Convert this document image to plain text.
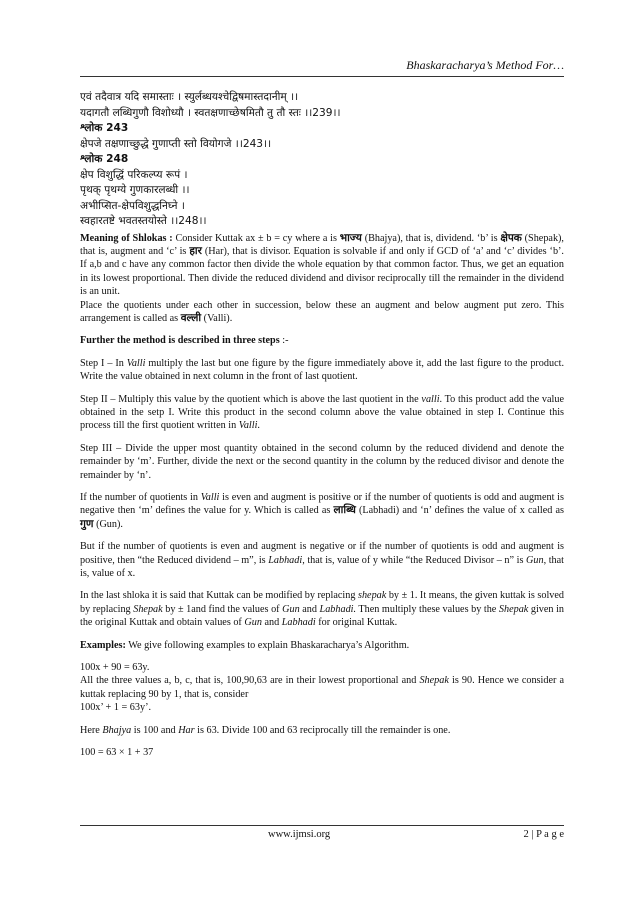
Bhaskaracharya’s Method For…
एवं तदैवात्र यदि समास्ताः । स्युर्लब्धयश्चेद्विषमास्तदानीम् ।।
यदागतौ लब्धिगुणौ विशोध्यौ । स्वतक्षणाच्छेषमितौ तु तौ स्तः ।।239।।
श्लोक 243
क्षेपजे तक्षणाच्छुद्धे गुणाप्ती स्तो वियोगजे ।।243।।
श्लोक 248
क्षेप विशुद्धिं परिकल्प्य रूपं ।
पृथक् पृथग्ये गुणकारलब्धी ।।
अभीप्सित-क्षेपविशुद्धनिघ्ने ।
स्वहारतष्टे भवतस्तयोस्ते ।।248।।

Meaning of Shlokas : Consider Kuttak ax ± b = cy where a is भाज्य (Bhajya), that is, dividend. ‘b’ is क्षेपक (Shepak), that is, augment and ‘c’ is हार (Har), that is divisor. Equation is solvable if and only if GCD of ‘a’ and ‘c’ divides ‘b’. If a,b and c have any common factor then divide the whole equation by that common factor. Thus, we get an equation in its lowest proportional. Then divide the reduced dividend and divisor reciprocally till the remainder in the dividend is an unit.

Place the quotients under each other in succession, below these an augment and below augment put zero. This arrangement is called as वल्ली (Valli).

Further the method is described in three steps :-

Step I – In Valli multiply the last but one figure by the figure immediately above it, add the last figure to the product. Write the value obtained in next column in the front of last quotient.

Step II – Multiply this value by the quotient which is above the last quotient in the valli. To this product add the value obtained in the setp I. Write this product in the second column above the value obtained in step I. Continue this process till the first quotient written in Valli.

Step III – Divide the upper most quantity obtained in the second column by the reduced dividend and denote the remainder by ‘m’. Further, divide the next or the second quantity in the column by the reduced divisor and denote the remainder by ‘n’.

If the number of quotients in Valli is even and augment is positive or if the number of quotients is odd and augment is negative then ‘m’ defines the value for y. Which is called as लाब्धि (Labhadi) and ‘n’ defines the value of x called as गुण (Gun).

But if the number of quotients is even and augment is negative or if the number of quotients is odd and augment is positive, then “the Reduced dividend – m”, is Labhadi, that is, value of y while “the Reduced Divisor – n” is Gun, that is, value of x.

In the last shloka it is said that Kuttak can be modified by replacing shepak by ± 1. It means, the given kuttak is solved by replacing Shepak by ± 1and find the values of Gun and Labhadi. Then multiply these values by the Shepak given in the original Kuttak and obtain values of Gun and Labhadi for original Kuttak.

Examples: We give following examples to explain Bhaskaracharya’s Algorithm.

100x + 90 = 63y.
All the three values a, b, c, that is, 100,90,63 are in their lowest proportional and Shepak is 90. Hence we consider a kuttak replacing 90 by 1, that is, consider
100x’ + 1 = 63y’.

Here Bhajya is 100 and Har is 63. Divide 100 and 63 reciprocally till the remainder is one.

100 = 63 × 1 + 37

www.ijmsi.org	2 | P a g e
